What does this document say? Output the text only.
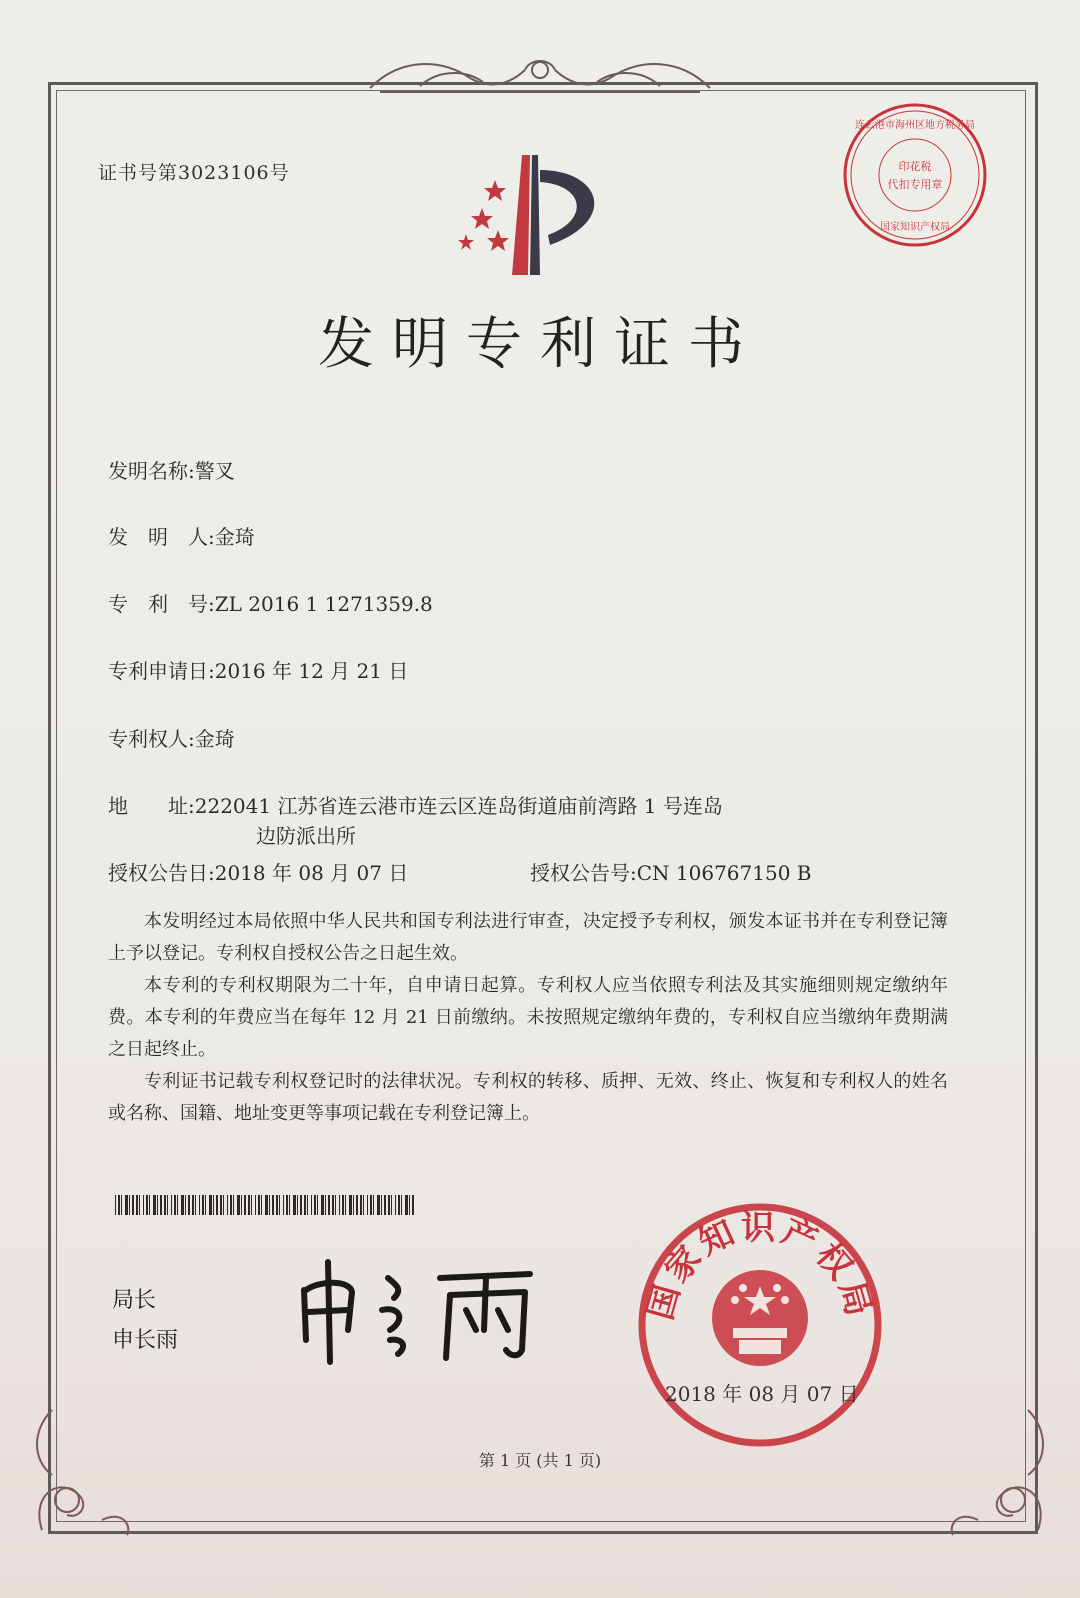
证书号第3023106号	印花税
代扣专用章
连云港市海州区地方税务局
国家知识产权局
发明专利证书
发明名称:警叉
发　明　人:金琦
专　利　号:ZL 2016 1 1271359.8
专利申请日:2016 年 12 月 21 日
专利权人:金琦
地　　址:222041 江苏省连云港市连云区连岛街道庙前湾路 1 号连岛
边防派出所
授权公告日:2018 年 08 月 07 日	授权公告号:CN 106767150 B

本发明经过本局依照中华人民共和国专利法进行审查，决定授予专利权，颁发本证书并在专利登记簿上予以登记。专利权自授权公告之日起生效。

本专利的专利权期限为二十年，自申请日起算。专利权人应当依照专利法及其实施细则规定缴纳年费。本专利的年费应当在每年 12 月 21 日前缴纳。未按照规定缴纳年费的，专利权自应当缴纳年费期满之日起终止。

专利证书记载专利权登记时的法律状况。专利权的转移、质押、无效、终止、恢复和专利权人的姓名或名称、国籍、地址变更等事项记载在专利登记簿上。

局长
申长雨
国家知识产权局
2018 年 08 月 07 日
第 1 页 (共 1 页)
